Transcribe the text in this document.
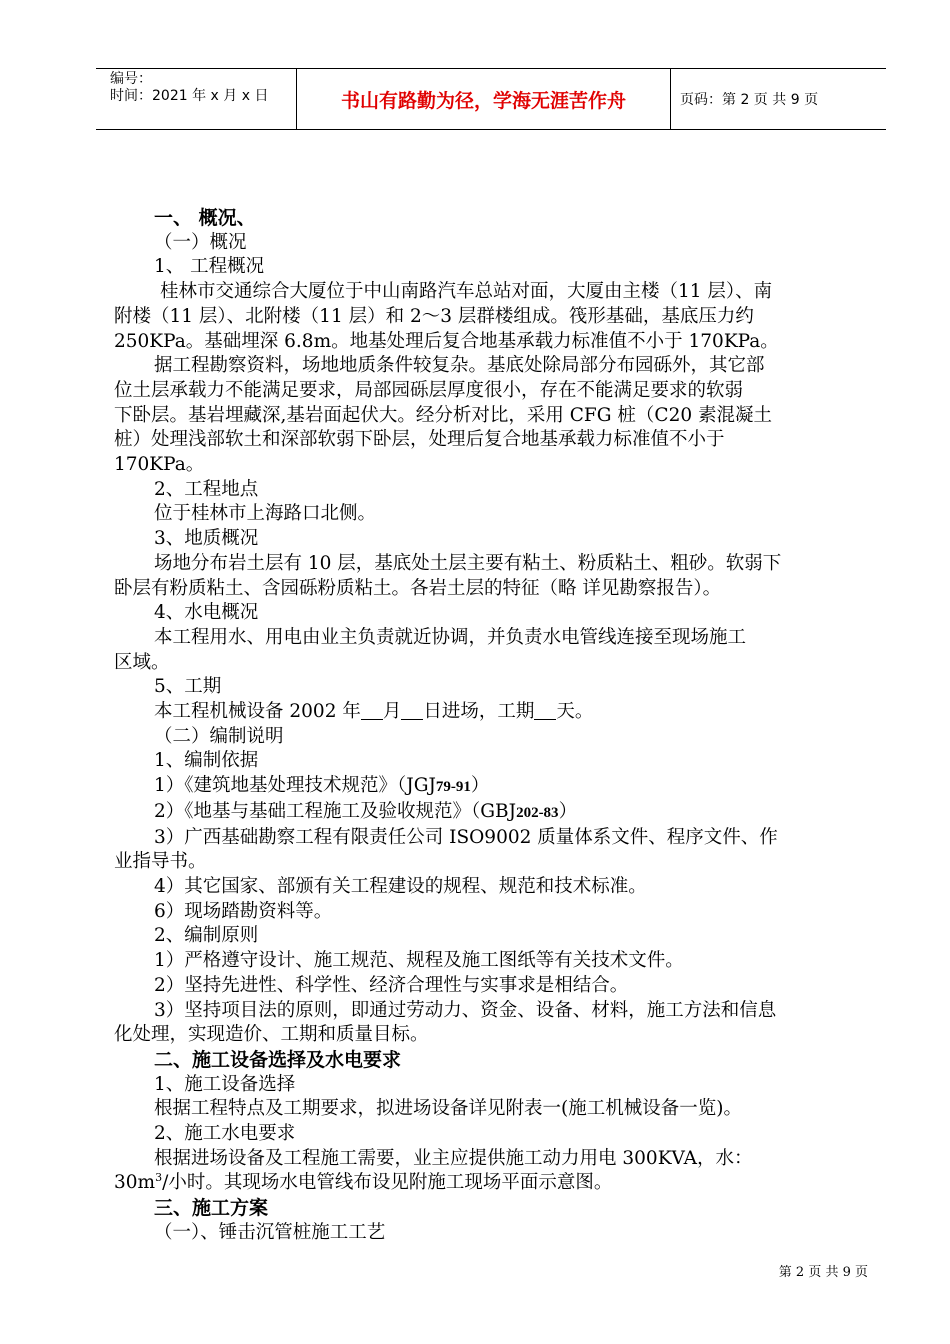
编号：
时间：2021 年 x 月 x 日	书山有路勤为径，学海无涯苦作舟	页码：第 2 页 共 9 页
一、 概况、
（一）概况
1、 工程概况
桂林市交通综合大厦位于中山南路汽车总站对面，大厦由主楼（11 层）、南
附楼（11 层）、北附楼（11 层）和 2～3 层群楼组成。筏形基础，基底压力约
250KPa。基础埋深 6.8m。地基处理后复合地基承载力标准值不小于 170KPa。
据工程勘察资料，场地地质条件较复杂。基底处除局部分布园砾外，其它部
位土层承载力不能满足要求，局部园砾层厚度很小，存在不能满足要求的软弱
下卧层。基岩埋藏深,基岩面起伏大。经分析对比，采用 CFG 桩（C20 素混凝土
桩）处理浅部软土和深部软弱下卧层，处理后复合地基承载力标准值不小于
170KPa。
2、工程地点
位于桂林市上海路口北侧。
3、地质概况
场地分布岩土层有 10 层，基底处土层主要有粘土、粉质粘土、粗砂。软弱下
卧层有粉质粘土、含园砾粉质粘土。各岩土层的特征（略 详见勘察报告）。
4、水电概况
本工程用水、用电由业主负责就近协调，并负责水电管线连接至现场施工
区域。
5、工期
本工程机械设备 2002 年 月 日进场，工期 天。
（二）编制说明
1、编制依据
1）《建筑地基处理技术规范》（JGJ79-91）
2）《地基与基础工程施工及验收规范》（GBJ202-83）
3）广西基础勘察工程有限责任公司 ISO9002 质量体系文件、程序文件、作
业指导书。
4）其它国家、部颁有关工程建设的规程、规范和技术标准。
6）现场踏勘资料等。
2、编制原则
1）严格遵守设计、施工规范、规程及施工图纸等有关技术文件。
2）坚持先进性、科学性、经济合理性与实事求是相结合。
3）坚持项目法的原则，即通过劳动力、资金、设备、材料，施工方法和信息
化处理，实现造价、工期和质量目标。
二、施工设备选择及水电要求
1、施工设备选择
根据工程特点及工期要求，拟进场设备详见附表一(施工机械设备一览)。
2、施工水电要求
根据进场设备及工程施工需要，业主应提供施工动力用电 300KVA，水：
$30m^3/$小时。其现场水电管线布设见附施工现场平面示意图。
三、施工方案
（一）、锤击沉管桩施工工艺
第 2 页 共 9 页
